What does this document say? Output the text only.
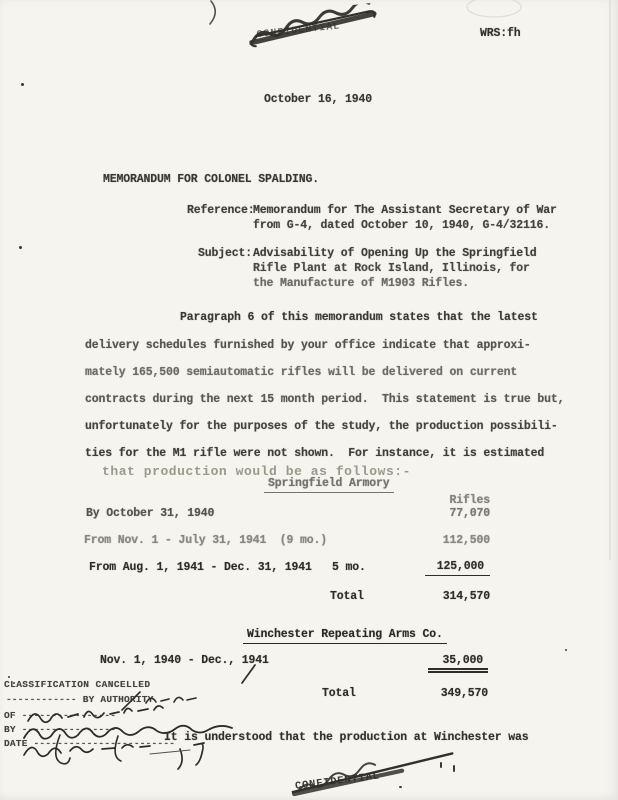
CONFIDENTIAL	WRS:fh
October 16, 1940
MEMORANDUM FOR COLONEL SPALDING.
Reference:
Memorandum for The Assistant Secretary of War
from G-4, dated October 10, 1940, G-4/32116.
Subject: Advisability of Opening Up the Springfield
Rifle Plant at Rock Island, Illinois, for
the Manufacture of M1903 Rifles.
Paragraph 6 of this memorandum states that the latest
delivery schedules furnished by your office indicate that approxi-
mately 165,500 semiautomatic rifles will be delivered on current
contracts during the next 15 month period.  This statement is true but,
unfortunately for the purposes of the study, the production possibili-
ties for the M1 rifle were not shown.  For instance, it is estimated
that production would be as follows:-
Springfield Armory
Rifles
By October 31, 1940	77,070
From Nov. 1 - July 31, 1941  (9 mo.)	112,500
From Aug. 1, 1941 - Dec. 31, 1941   5 mo.	125,000
Total	314,570
Winchester Repeating Arms Co.
Nov. 1, 1940 - Dec., 1941	35,000
Total	349,570
CLASSIFICATION CANCELLED
------------ BY AUTHORITY
OF ----------------
BY ----------------
DATE ------------------------
It is understood that the production at Winchester was
CONFIDENTIAL
